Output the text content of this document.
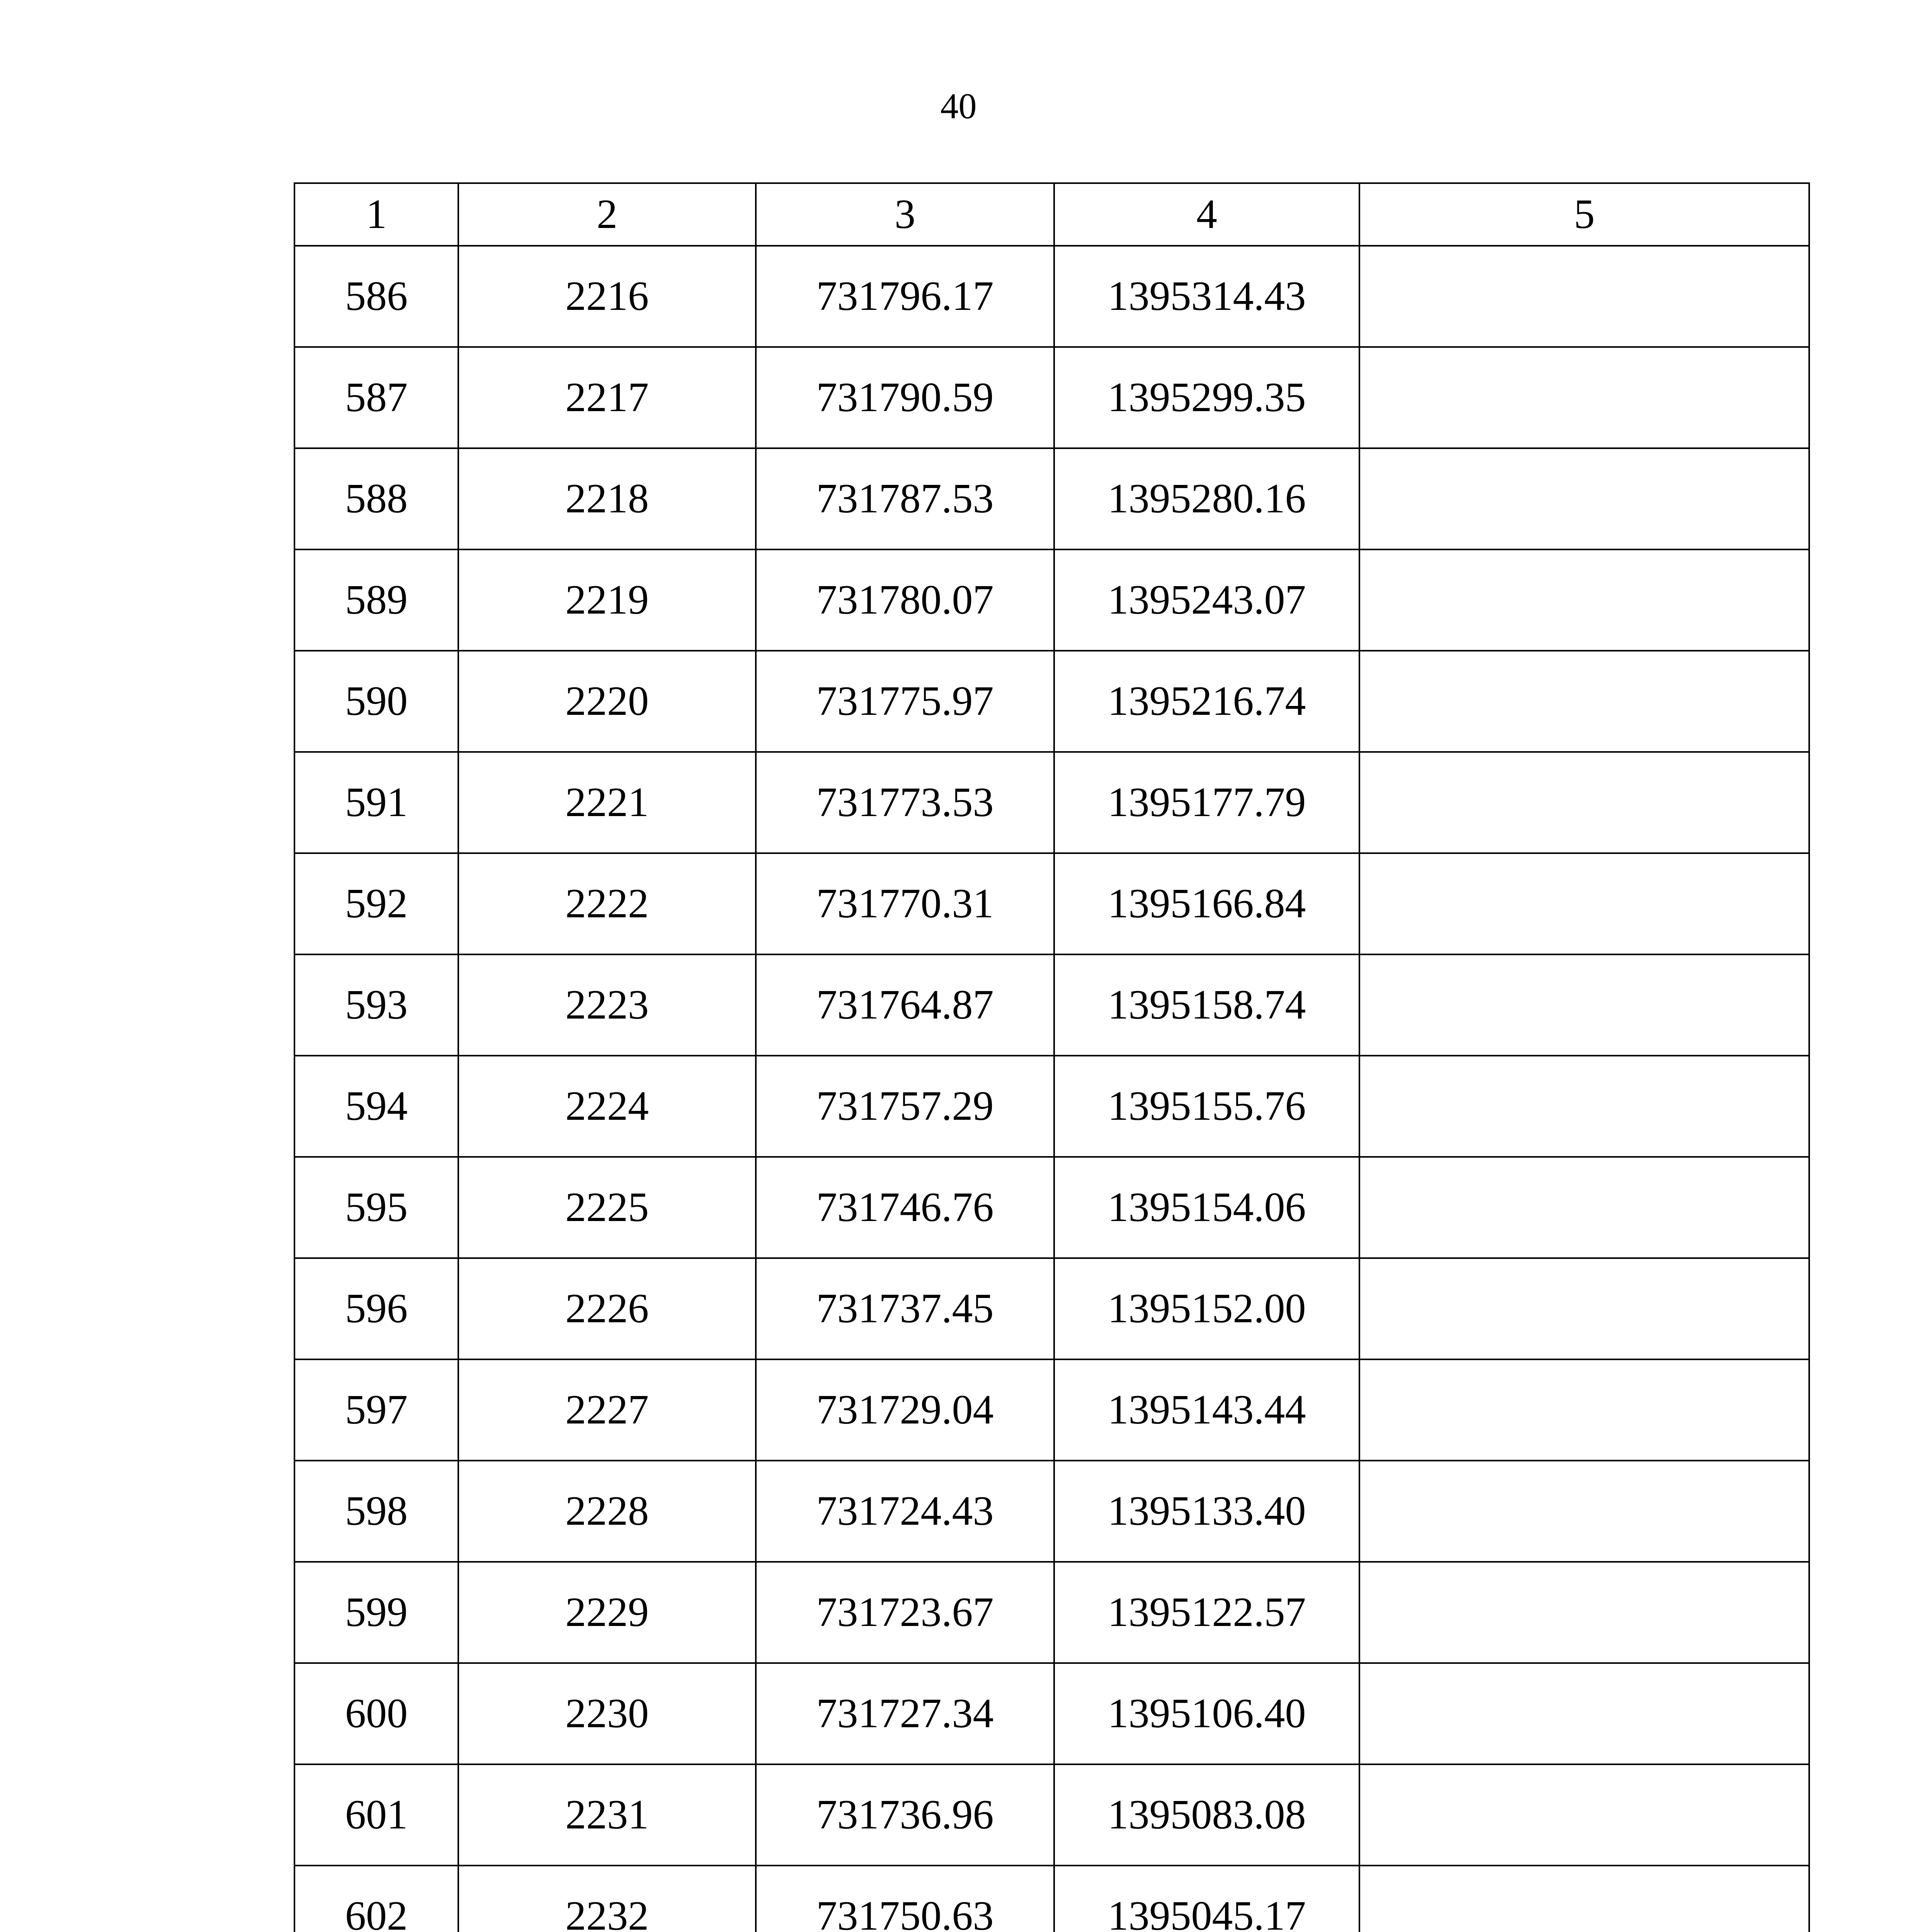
40
1	2	3	4	5
586	2216	731796.17	1395314.43	
587	2217	731790.59	1395299.35	
588	2218	731787.53	1395280.16	
589	2219	731780.07	1395243.07	
590	2220	731775.97	1395216.74	
591	2221	731773.53	1395177.79	
592	2222	731770.31	1395166.84	
593	2223	731764.87	1395158.74	
594	2224	731757.29	1395155.76	
595	2225	731746.76	1395154.06	
596	2226	731737.45	1395152.00	
597	2227	731729.04	1395143.44	
598	2228	731724.43	1395133.40	
599	2229	731723.67	1395122.57	
600	2230	731727.34	1395106.40	
601	2231	731736.96	1395083.08	
602	2232	731750.63	1395045.17	
